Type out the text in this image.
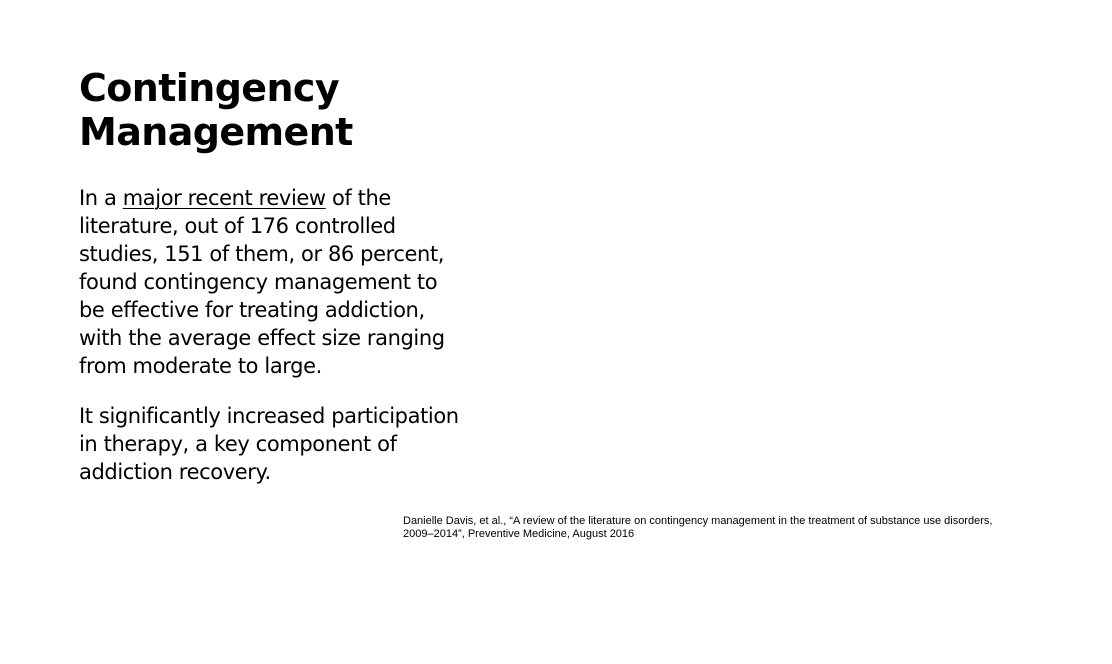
Contingency
Management

In a major recent review of the
literature, out of 176 controlled
studies, 151 of them, or 86 percent,
found contingency management to
be effective for treating addiction,
with the average effect size ranging
from moderate to large.

It significantly increased participation
in therapy, a key component of
addiction recovery.

Danielle Davis, et al., “A review of the literature on contingency management in the treatment of substance use disorders,
2009–2014”, Preventive Medicine, August 2016
